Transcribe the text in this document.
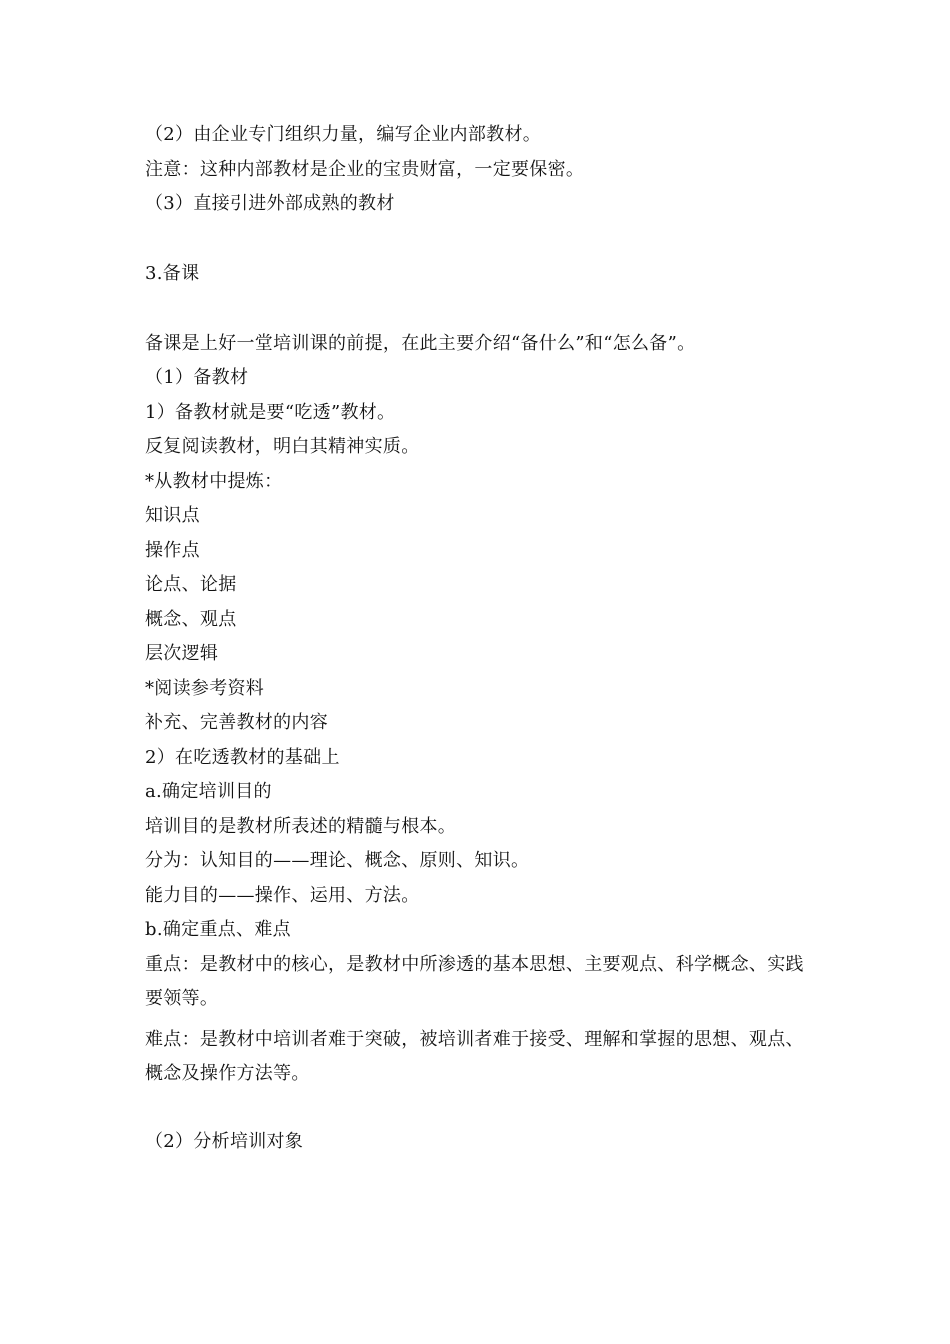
（2）由企业专门组织力量，编写企业内部教材。
注意：这种内部教材是企业的宝贵财富，一定要保密。
（3）直接引进外部成熟的教材
3.备课
备课是上好一堂培训课的前提，在此主要介绍“备什么”和“怎么备”。
（1）备教材
1）备教材就是要“吃透”教材。
反复阅读教材，明白其精神实质。
*从教材中提炼：
知识点
操作点
论点、论据
概念、观点
层次逻辑
*阅读参考资料
补充、完善教材的内容
2）在吃透教材的基础上
a.确定培训目的
培训目的是教材所表述的精髓与根本。
分为：认知目的——理论、概念、原则、知识。
能力目的——操作、运用、方法。
b.确定重点、难点
重点：是教材中的核心，是教材中所渗透的基本思想、主要观点、科学概念、实践要领等。
难点：是教材中培训者难于突破，被培训者难于接受、理解和掌握的思想、观点、概念及操作方法等。
（2）分析培训对象
